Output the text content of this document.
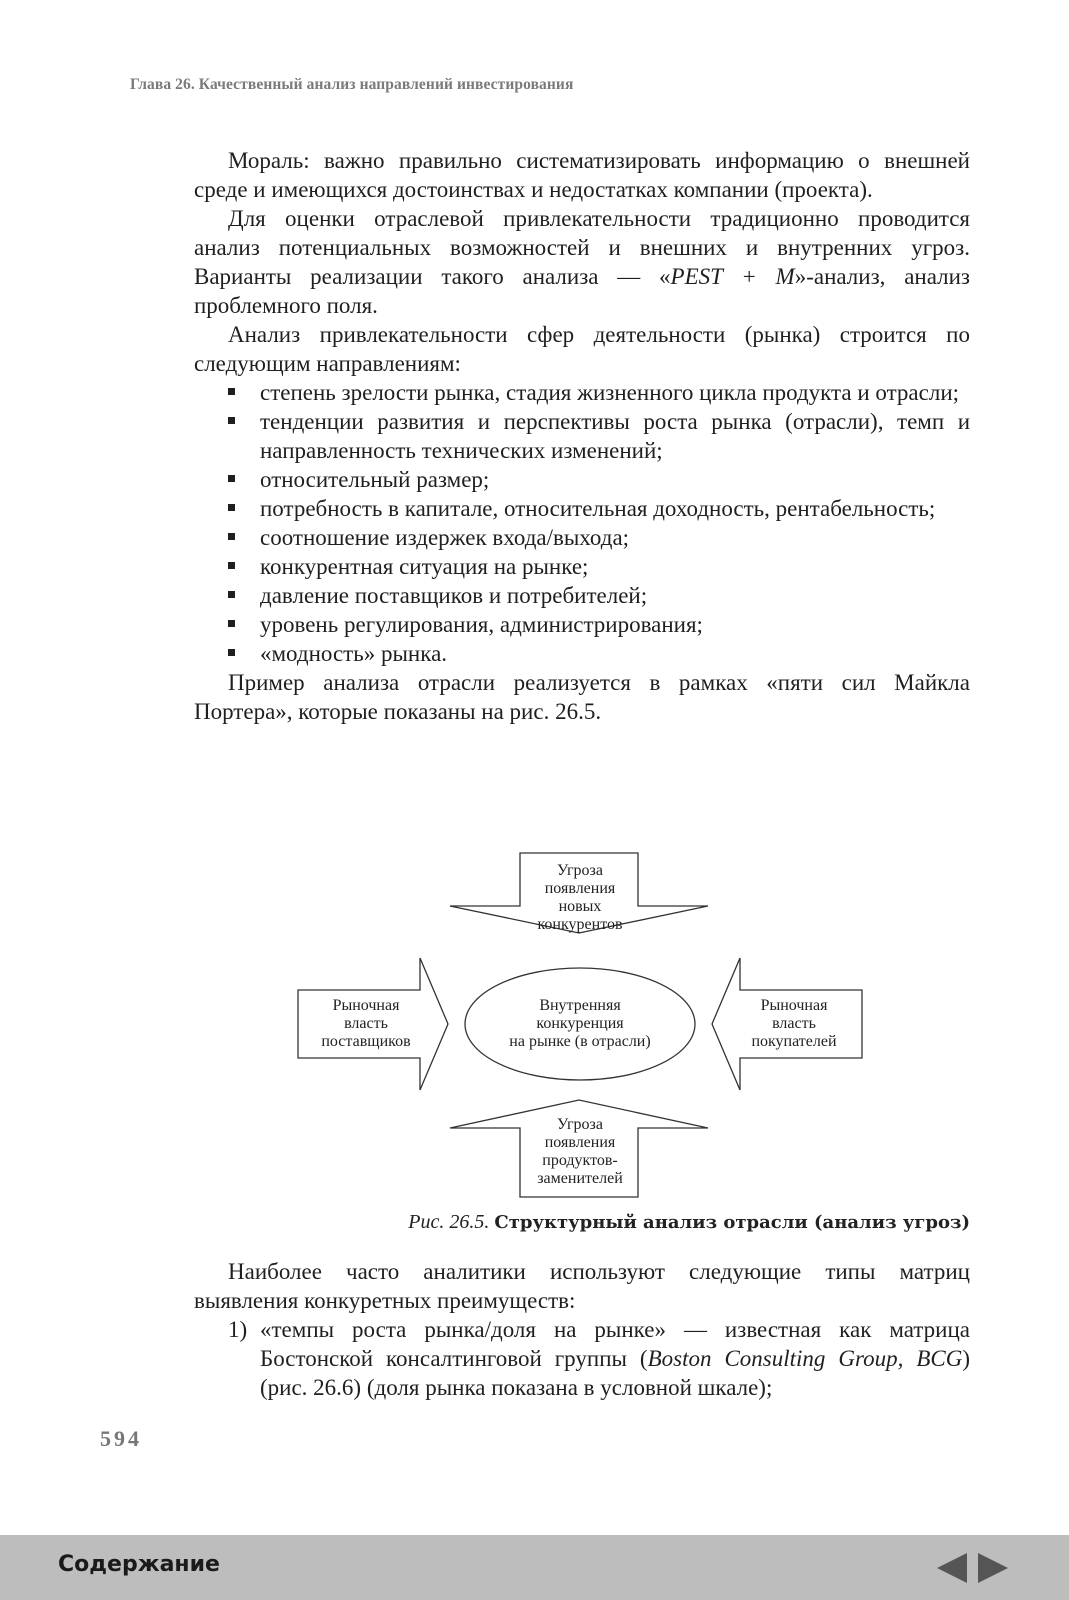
Глава 26. Качественный анализ направлений инвестирования

Мораль: важно правильно систематизировать информацию о внешней среде и имеющихся достоинствах и недостатках компании (проекта).

Для оценки отраслевой привлекательности традиционно проводится анализ потенциальных возможностей и внешних и внутренних угроз. Варианты реализации такого анализа — «PEST + M»-анализ, анализ проблемного поля.

Анализ привлекательности сфер деятельности (рынка) строится по следующим направлениям:

степень зрелости рынка, стадия жизненного цикла продукта и отрасли;
тенденции развития и перспективы роста рынка (отрасли), темп и направленность технических изменений;
относительный размер;
потребность в капитале, относительная доходность, рентабельность;
соотношение издержек входа/выхода;
конкурентная ситуация на рынке;
давление поставщиков и потребителей;
уровень регулирования, администрирования;
«модность» рынка.

Пример анализа отрасли реализуется в рамках «пяти сил Майкла Портера», которые показаны на рис. 26.5.

Угроза
появления
новых
конкурентов
Рыночная
власть
поставщиков
Внутренняя
конкуренция
на рынке (в отрасли)
Рыночная
власть
покупателей
Угроза
появления
продуктов-
заменителей
Рис. 26.5. Структурный анализ отрасли (анализ угроз)

Наиболее часто аналитики используют следующие типы матриц выявления конкуретных преимуществ:

1) «темпы роста рынка/доля на рынке» — известная как матрица Бостонской консалтинговой группы (Boston Consulting Group, BCG) (рис. 26.6) (доля рынка показана в условной шкале);
594
Содержание
